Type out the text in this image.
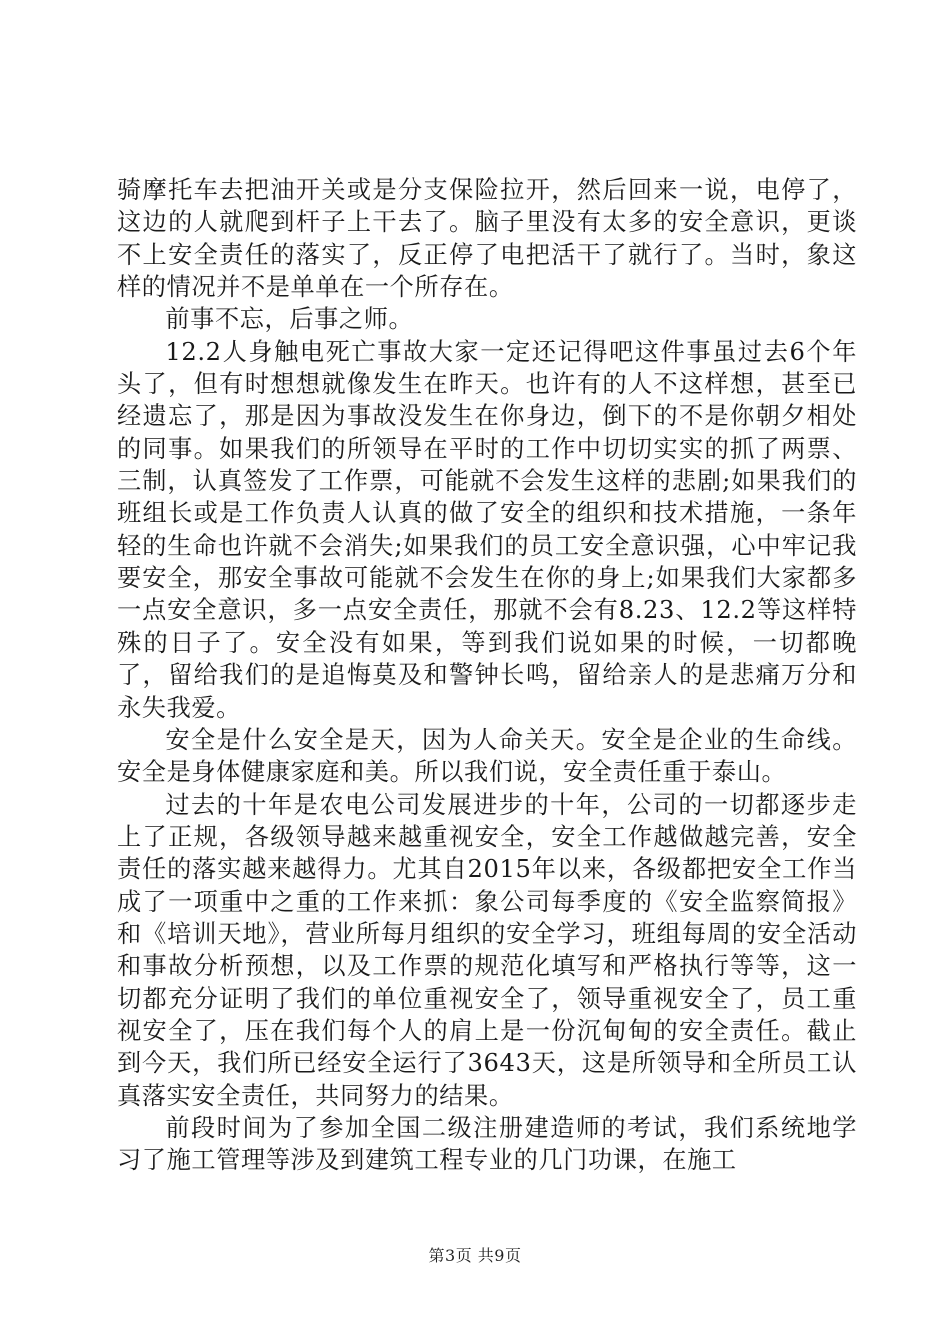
骑摩托车去把油开关或是分支保险拉开，然后回来一说，电停了，这边的人就爬到杆子上干去了。脑子里没有太多的安全意识，更谈不上安全责任的落实了，反正停了电把活干了就行了。当时，象这样的情况并不是单单在一个所存在。

前事不忘，后事之师。

12.2人身触电死亡事故大家一定还记得吧这件事虽过去6个年头了，但有时想想就像发生在昨天。也许有的人不这样想，甚至已经遗忘了，那是因为事故没发生在你身边，倒下的不是你朝夕相处的同事。如果我们的所领导在平时的工作中切切实实的抓了两票、三制，认真签发了工作票，可能就不会发生这样的悲剧;如果我们的班组长或是工作负责人认真的做了安全的组织和技术措施，一条年轻的生命也许就不会消失;如果我们的员工安全意识强，心中牢记我要安全，那安全事故可能就不会发生在你的身上;如果我们大家都多一点安全意识，多一点安全责任，那就不会有8.23、12.2等这样特殊的日子了。安全没有如果，等到我们说如果的时候，一切都晚了，留给我们的是追悔莫及和警钟长鸣，留给亲人的是悲痛万分和永失我爱。

安全是什么安全是天，因为人命关天。安全是企业的生命线。安全是身体健康家庭和美。所以我们说，安全责任重于泰山。

过去的十年是农电公司发展进步的十年，公司的一切都逐步走上了正规，各级领导越来越重视安全，安全工作越做越完善，安全责任的落实越来越得力。尤其自2015年以来，各级都把安全工作当成了一项重中之重的工作来抓：象公司每季度的《安全监察简报》和《培训天地》，营业所每月组织的安全学习，班组每周的安全活动和事故分析预想，以及工作票的规范化填写和严格执行等等，这一切都充分证明了我们的单位重视安全了，领导重视安全了，员工重视安全了，压在我们每个人的肩上是一份沉甸甸的安全责任。截止到今天，我们所已经安全运行了3643天，这是所领导和全所员工认真落实安全责任，共同努力的结果。

前段时间为了参加全国二级注册建造师的考试，我们系统地学习了施工管理等涉及到建筑工程专业的几门功课，在施工

第3页 共9页
